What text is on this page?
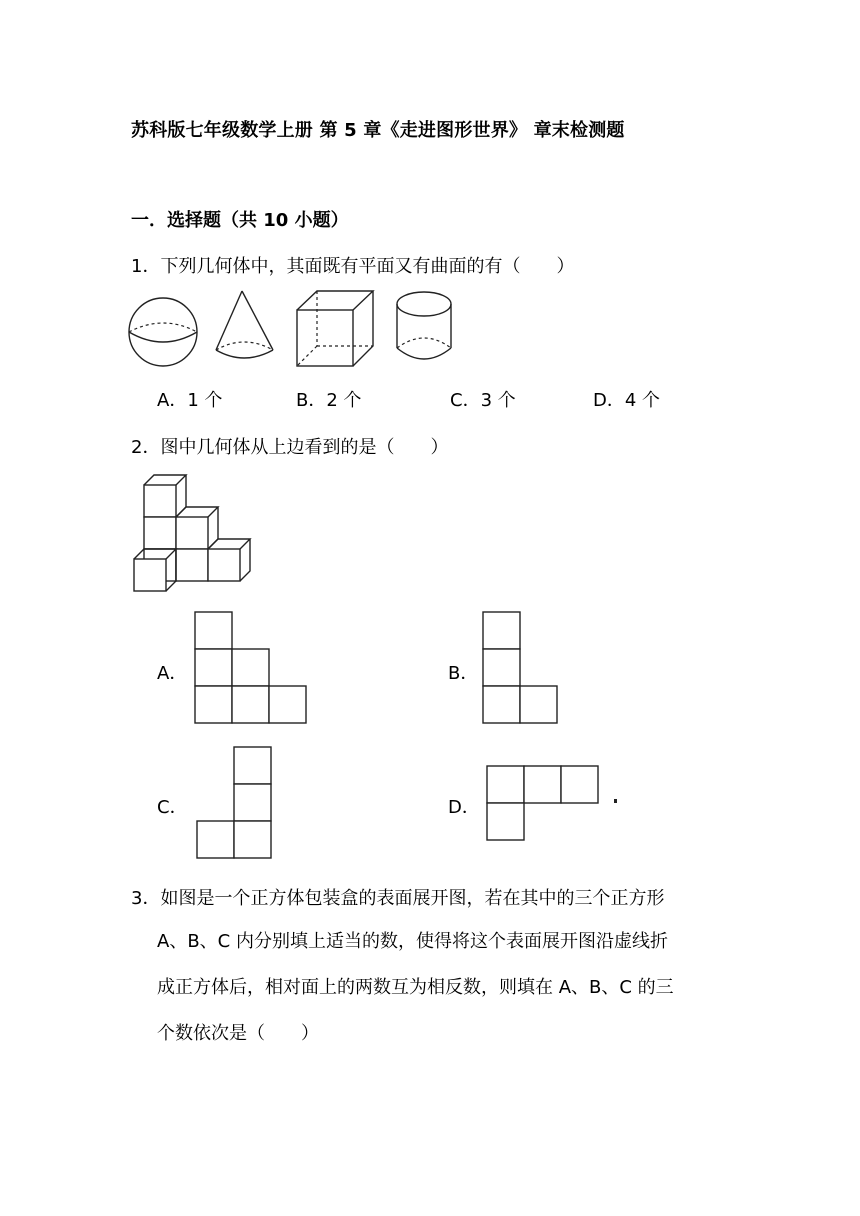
苏科版七年级数学上册 第 5 章《走进图形世界》 章末检测题
一．选择题（共 10 小题）
1．下列几何体中，其面既有平面又有曲面的有（　　）
A．1 个	B．2 个	C．3 个	D．4 个
2．图中几何体从上边看到的是（　　）
A．	B．
C．	D．
3．如图是一个正方体包装盒的表面展开图，若在其中的三个正方形
A、B、C 内分别填上适当的数，使得将这个表面展开图沿虚线折
成正方体后，相对面上的两数互为相反数，则填在 A、B、C 的三
个数依次是（　　）
